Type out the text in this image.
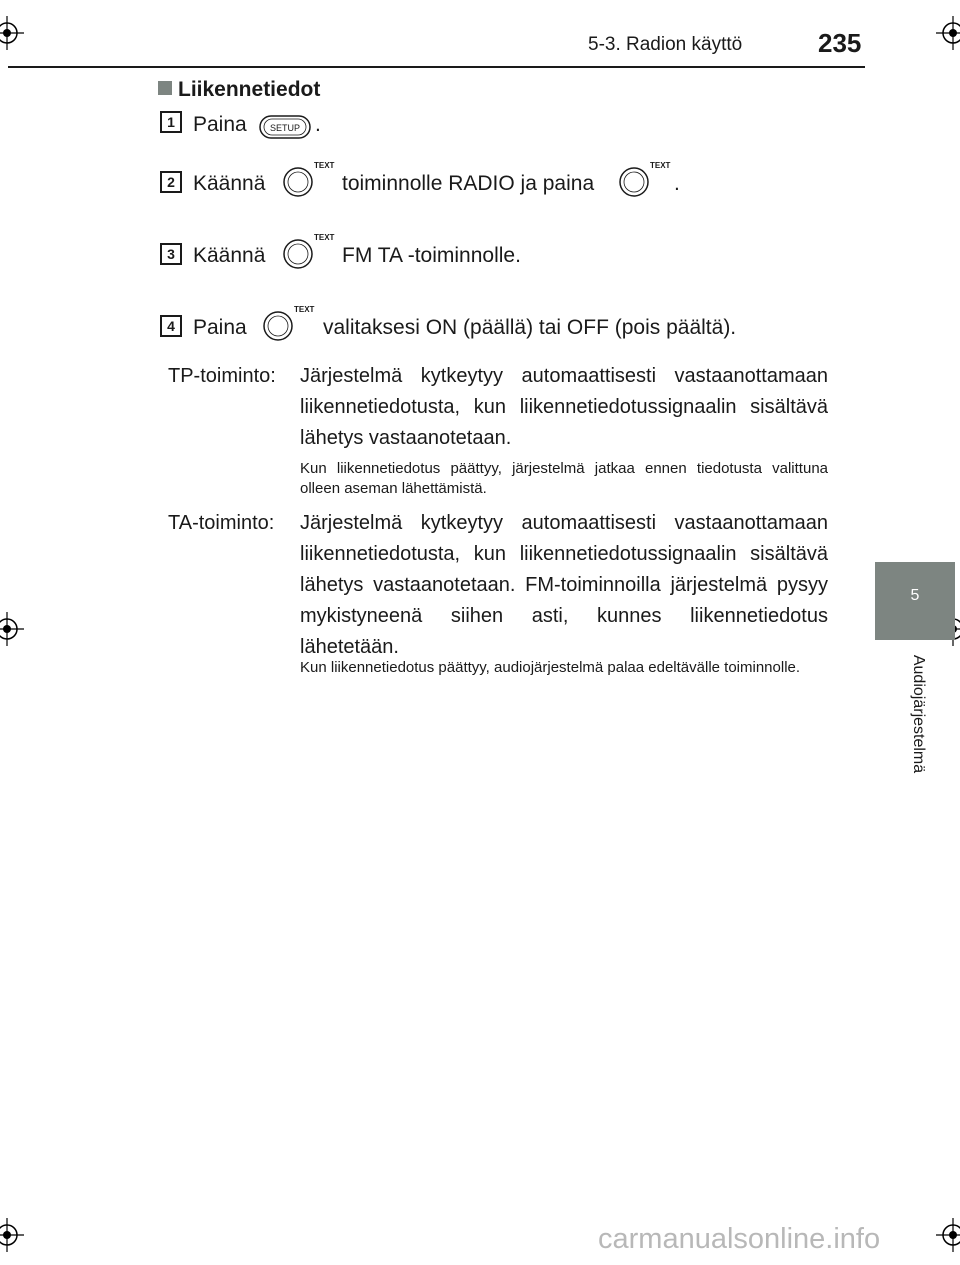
5-3. Radion käyttö	235
5
Audiojärjestelmä
Liikennetiedot
1 Paina	SETUP .
2 Käännä
TEXT
toiminnolle RADIO ja paina
TEXT
.
3 Käännä
TEXT
FM TA -toiminnolle.
4 Paina
TEXT
valitaksesi ON (päällä) tai OFF (pois päältä).
TP-toiminto: Järjestelmä kytkeytyy automaattisesti vastaanottamaan liikennetiedotusta, kun liikennetiedotussignaalin sisältävä lähetys vastaanotetaan.
Kun liikennetiedotus päättyy, järjestelmä jatkaa ennen tiedotusta valittuna olleen aseman lähettämistä.
TA-toiminto: Järjestelmä kytkeytyy automaattisesti vastaanottamaan liikennetiedotusta, kun liikennetiedotussignaalin sisältävä lähetys vastaanotetaan. FM-toiminnoilla järjestelmä pysyy mykistyneenä siihen asti, kunnes liikennetiedotus lähetetään.
Kun liikennetiedotus päättyy, audiojärjestelmä palaa edeltävälle toiminnolle.
carmanualsonline.info
